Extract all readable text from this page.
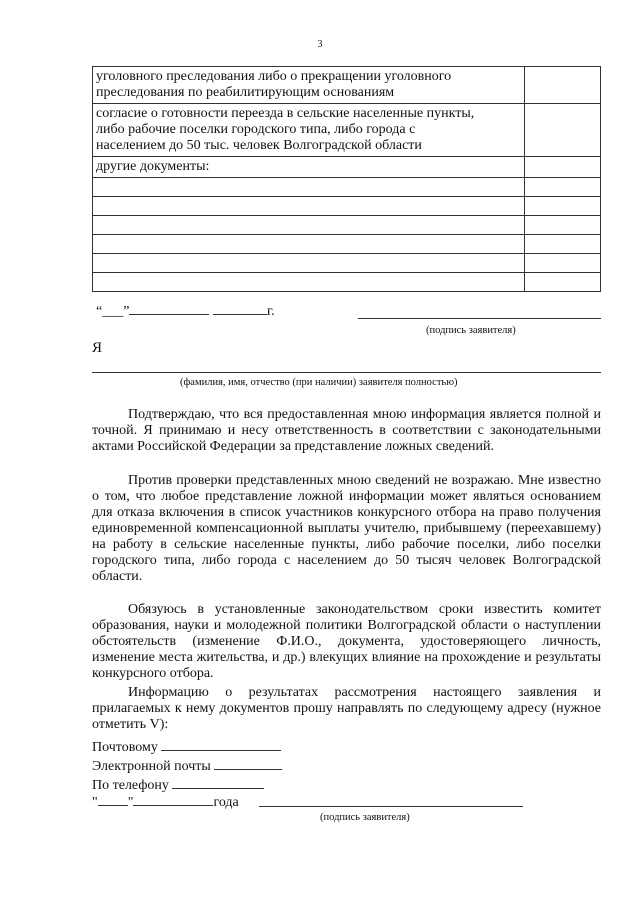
3
уголовного преследования либо о прекращении уголовного
преследования по реабилитирующим основаниям	

согласие о готовности переезда в сельские населенные пункты,
либо рабочие поселки городского типа, либо города с
населением до 50 тыс. человек Волгоградской области	

другие документы:	

“___”	г.
(подпись заявителя)
Я
(фамилия, имя, отчество (при наличии) заявителя полностью)
Подтверждаю, что вся предоставленная мною информация является полной и точной. Я принимаю и несу ответственность в соответствии с законодательными актами Российской Федерации за представление ложных сведений.
Против проверки представленных мною сведений не возражаю. Мне известно о том, что любое представление ложной информации может являться основанием для отказа включения в список участников конкурсного отбора на право получения единовременной компенсационной выплаты учителю, прибывшему (переехавшему) на работу в сельские населенные пункты, либо рабочие поселки, либо поселки городского типа, либо города с населением до 50 тысяч человек Волгоградской области.
Обязуюсь в установленные законодательством сроки известить комитет образования, науки и молодежной политики Волгоградской области о наступлении обстоятельств (изменение Ф.И.О., документа, удостоверяющего личность, изменение места жительства, и др.) влекущих влияние на прохождение и результаты конкурсного отбора.
Информацию о результатах рассмотрения настоящего заявления и прилагаемых к нему документов прошу направлять по следующему адресу (нужное отметить V):
Почтовому
Электронной почты
По телефону
" "	года
(подпись заявителя)
